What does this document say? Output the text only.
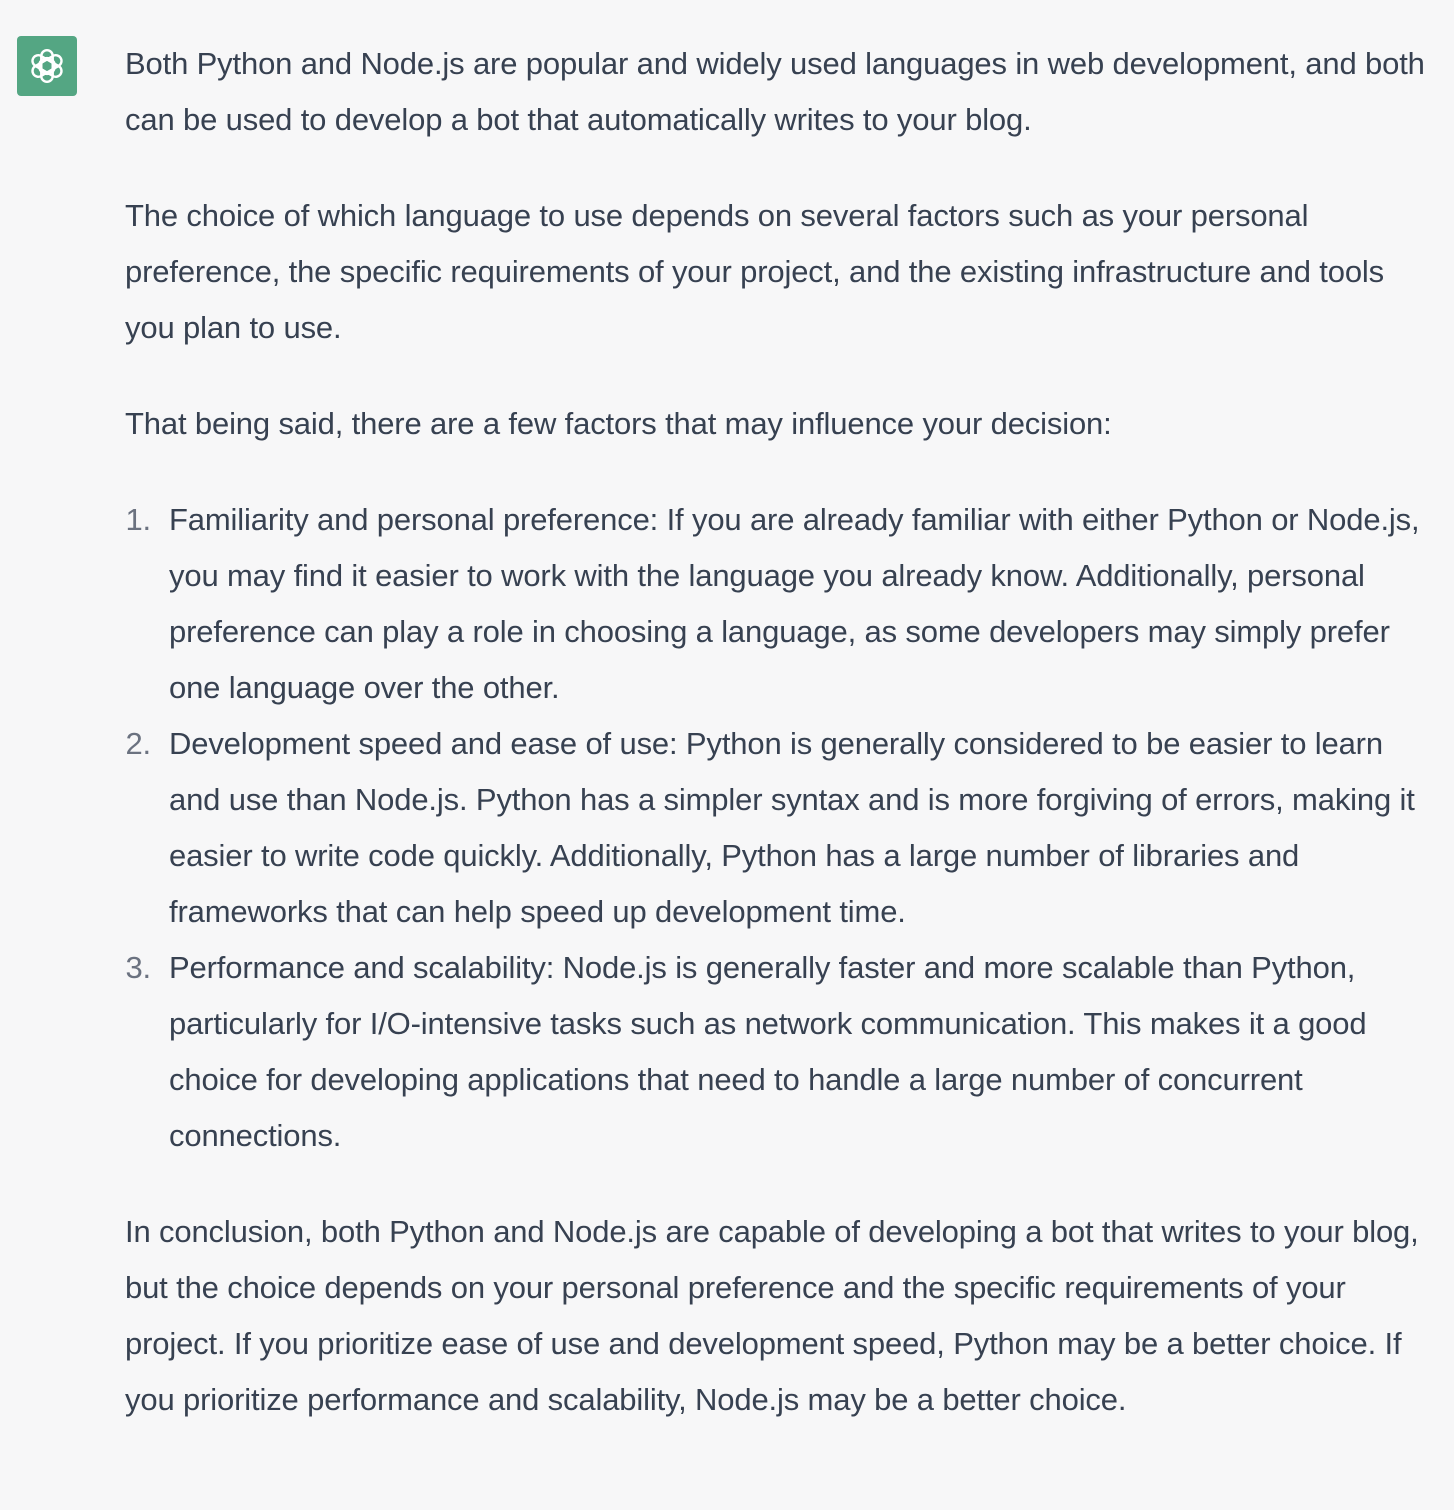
Both Python and Node.js are popular and widely used languages in web development, and both can be used to develop a bot that automatically writes to your blog.

The choice of which language to use depends on several factors such as your personal preference, the specific requirements of your project, and the existing infrastructure and tools you plan to use.

That being said, there are a few factors that may influence your decision:

1. Familiarity and personal preference: If you are already familiar with either Python or Node.js, you may find it easier to work with the language you already know. Additionally, personal preference can play a role in choosing a language, as some developers may simply prefer one language over the other.
2. Development speed and ease of use: Python is generally considered to be easier to learn and use than Node.js. Python has a simpler syntax and is more forgiving of errors, making it easier to write code quickly. Additionally, Python has a large number of libraries and frameworks that can help speed up development time.
3. Performance and scalability: Node.js is generally faster and more scalable than Python, particularly for I/O-intensive tasks such as network communication. This makes it a good choice for developing applications that need to handle a large number of concurrent connections.

In conclusion, both Python and Node.js are capable of developing a bot that writes to your blog, but the choice depends on your personal preference and the specific requirements of your project. If you prioritize ease of use and development speed, Python may be a better choice. If you prioritize performance and scalability, Node.js may be a better choice.
